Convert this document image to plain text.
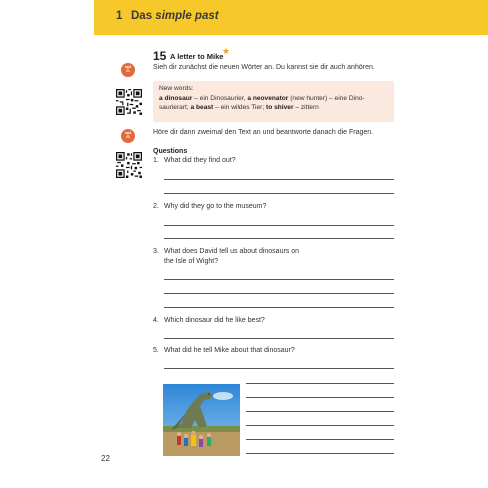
1 Das simple past
15 A letter to Mike
★
Sieh dir zunächst die neuen Wörter an. Du kannst sie dir auch anhören.
mp3
01
New words:
a dinosaur – ein Dinosaurier, a neovenator (new hunter) – eine Dino-
saurierart; a beast – ein wildes Tier; to shiver – zittern
mp3
02
Höre dir dann zweimal den Text an und beantworte danach die Fragen.
Questions
1. What did they find out?
2. Why did they go to the museum?
3. What does David tell us about dinosaurs on
the Isle of Wight?
4. Which dinosaur did he like best?
5. What did he tell Mike about that dinosaur?
22
